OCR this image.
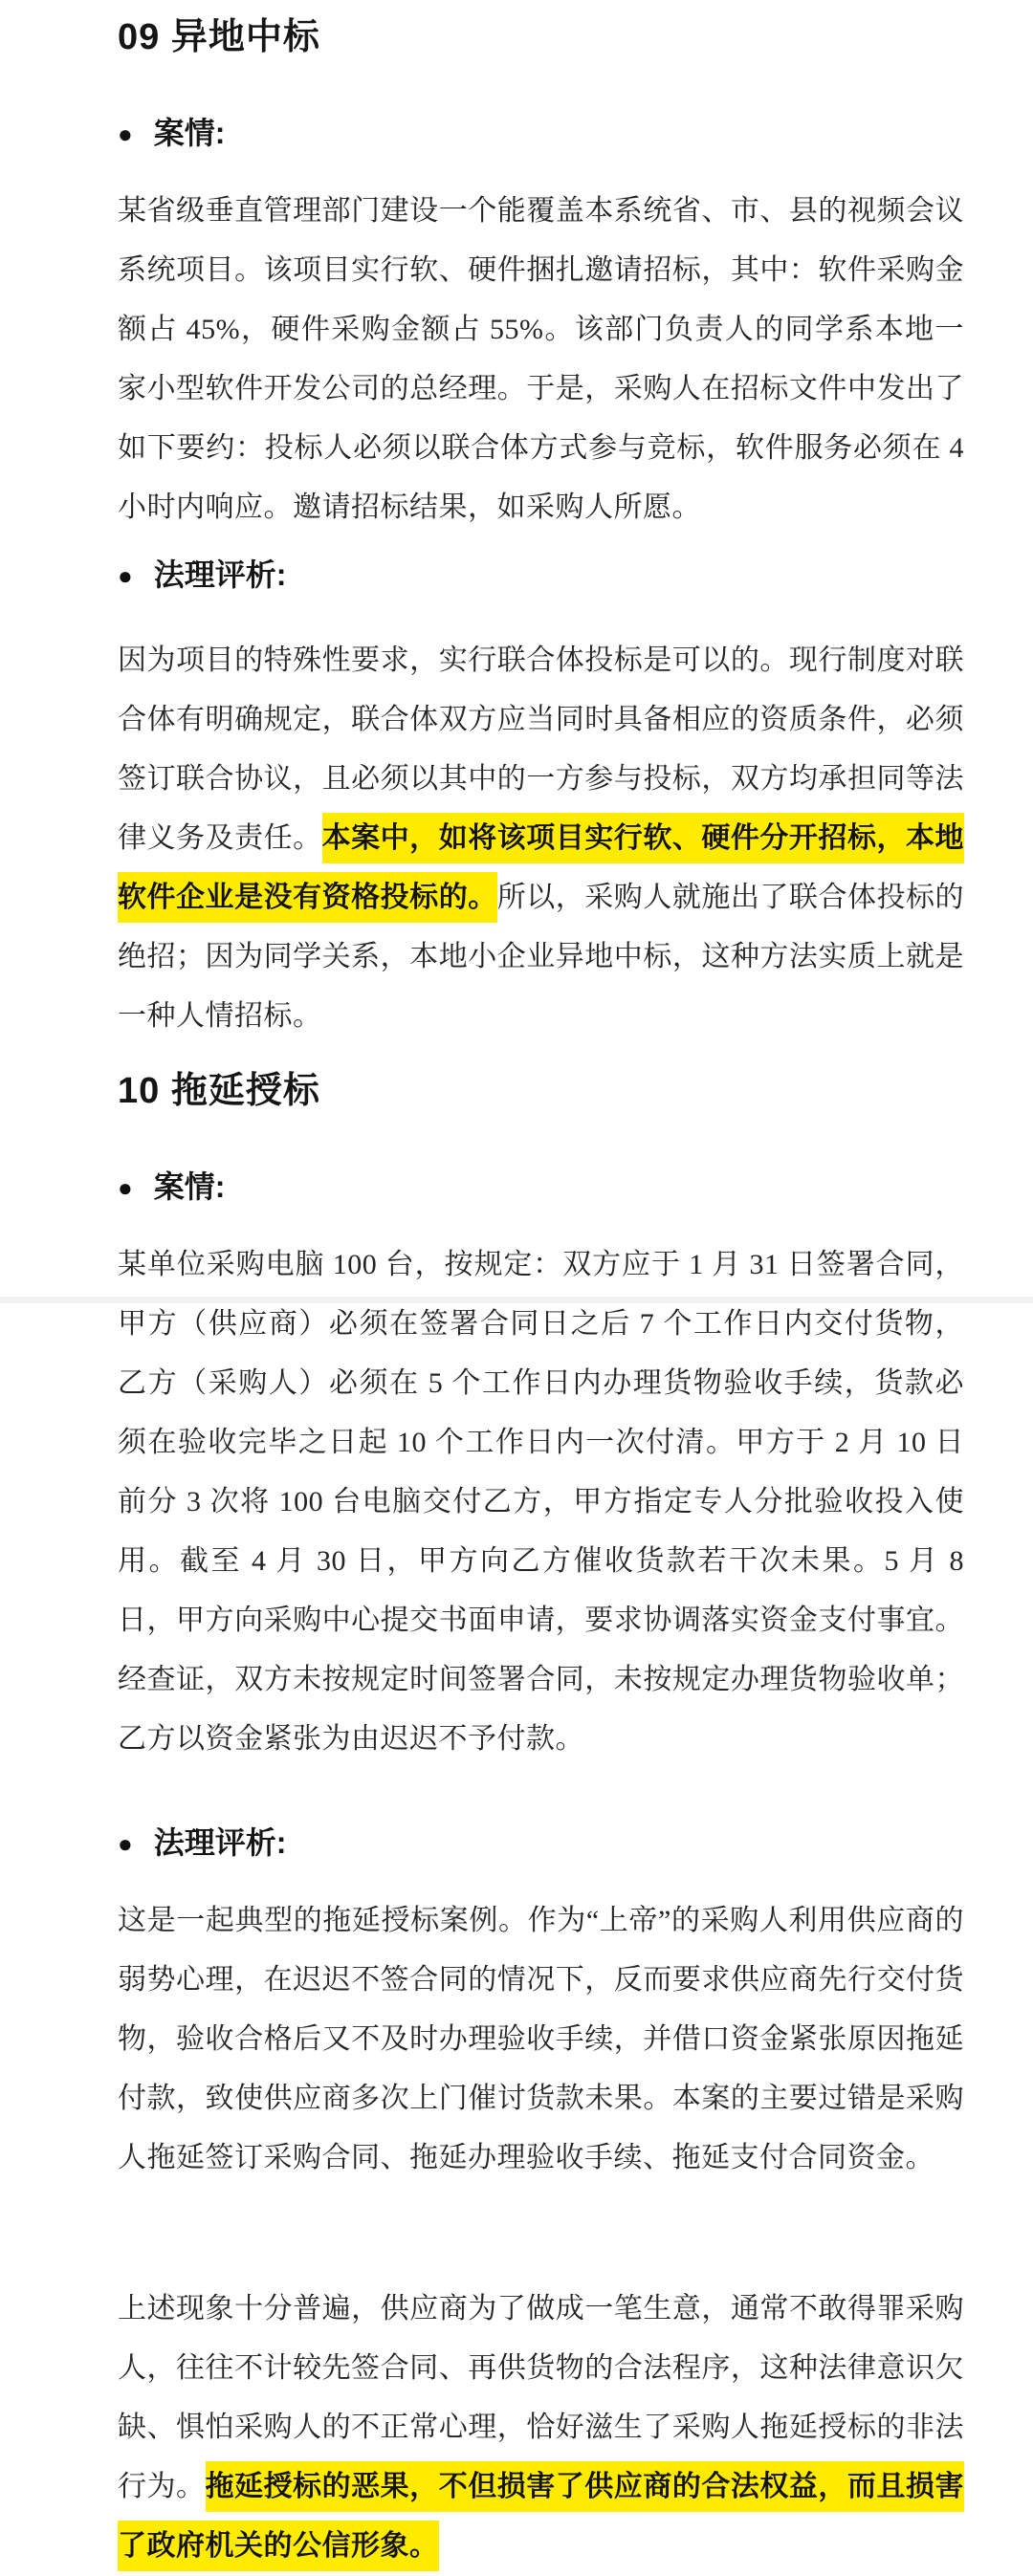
09 异地中标
● 案情:

某省级垂直管理部门建设一个能覆盖本系统省、市、县的视频会议系统项目。该项目实行软、硬件捆扎邀请招标，其中：软件采购金额占 45%，硬件采购金额占 55%。该部门负责人的同学系本地一家小型软件开发公司的总经理。于是，采购人在招标文件中发出了如下要约：投标人必须以联合体方式参与竞标，软件服务必须在 4 小时内响应。邀请招标结果，如采购人所愿。

● 法理评析:

因为项目的特殊性要求，实行联合体投标是可以的。现行制度对联合体有明确规定，联合体双方应当同时具备相应的资质条件，必须签订联合协议，且必须以其中的一方参与投标，双方均承担同等法律义务及责任。本案中，如将该项目实行软、硬件分开招标，本地软件企业是没有资格投标的。所以，采购人就施出了联合体投标的绝招；因为同学关系，本地小企业异地中标，这种方法实质上就是一种人情招标。

10 拖延授标
● 案情:

某单位采购电脑 100 台，按规定：双方应于 1 月 31 日签署合同，甲方（供应商）必须在签署合同日之后 7 个工作日内交付货物，乙方（采购人）必须在 5 个工作日内办理货物验收手续，货款必须在验收完毕之日起 10 个工作日内一次付清。甲方于 2 月 10 日前分 3 次将 100 台电脑交付乙方，甲方指定专人分批验收投入使用。截至 4 月 30 日，甲方向乙方催收货款若干次未果。5 月 8 日，甲方向采购中心提交书面申请，要求协调落实资金支付事宜。经查证，双方未按规定时间签署合同，未按规定办理货物验收单；乙方以资金紧张为由迟迟不予付款。

● 法理评析:

这是一起典型的拖延授标案例。作为“上帝”的采购人利用供应商的弱势心理，在迟迟不签合同的情况下，反而要求供应商先行交付货物，验收合格后又不及时办理验收手续，并借口资金紧张原因拖延付款，致使供应商多次上门催讨货款未果。本案的主要过错是采购人拖延签订采购合同、拖延办理验收手续、拖延支付合同资金。

上述现象十分普遍，供应商为了做成一笔生意，通常不敢得罪采购人，往往不计较先签合同、再供货物的合法程序，这种法律意识欠缺、惧怕采购人的不正常心理，恰好滋生了采购人拖延授标的非法行为。拖延授标的恶果，不但损害了供应商的合法权益，而且损害了政府机关的公信形象。
